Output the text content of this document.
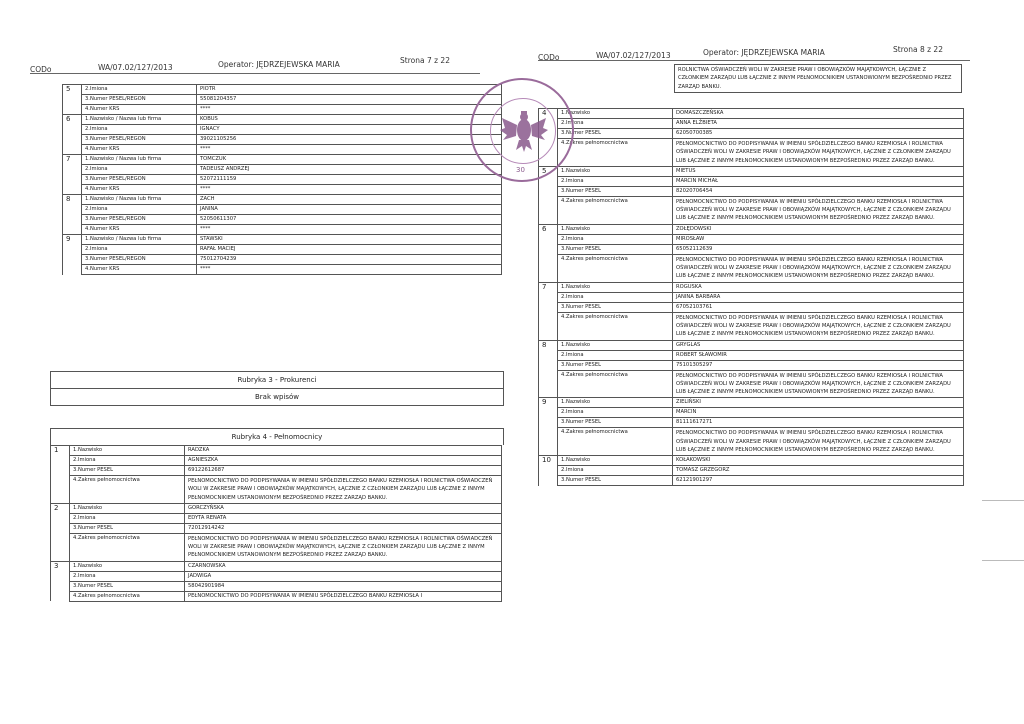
CODo	WA/07.02/127/2013	Operator: JĘDRZEJEWSKA MARIA	Strona 7 z 22
5	2.Imiona	PIOTR
	3.Numer PESEL/REGON	55081204357
	4.Numer KRS	****
6	1.Nazwisko / Nazwa lub firma	KOBUS
	2.Imiona	IGNACY
	3.Numer PESEL/REGON	39021105256
	4.Numer KRS	****
7	1.Nazwisko / Nazwa lub firma	TOMCZUK
	2.Imiona	TADEUSZ ANDRZEJ
	3.Numer PESEL/REGON	52072111159
	4.Numer KRS	****
8	1.Nazwisko / Nazwa lub firma	ZACH
	2.Imiona	JANINA
	3.Numer PESEL/REGON	52050611307
	4.Numer KRS	****
9	1.Nazwisko / Nazwa lub firma	STAWSKI
	2.Imiona	RAFAŁ MACIEJ
	3.Numer PESEL/REGON	75012704239
	4.Numer KRS	****
Rubryka 3 - Prokurenci
Brak wpisów
Rubryka 4 - Pełnomocnicy
1	1.Nazwisko	RADZKA
	2.Imiona	AGNIESZKA
	3.Numer PESEL	69122612687
	4.Zakres pełnomocnictwa	PEŁNOMOCNICTWO DO PODPISYWANIA W IMIENIU SPÓŁDZIELCZEGO BANKU RZEMIOSŁA I ROLNICTWA OŚWIADCZEŃ WOLI W ZAKRESIE PRAW I OBOWIĄZKÓW MAJĄTKOWYCH, ŁĄCZNIE Z CZŁONKIEM ZARZĄDU LUB ŁĄCZNIE Z INNYM PEŁNOMOCNIKIEM USTANOWIONYM BEZPOŚREDNIO PRZEZ ZARZĄD BANKU.
2	1.Nazwisko	GORCZYŃSKA
	2.Imiona	EDYTA RENATA
	3.Numer PESEL	72012914242
	4.Zakres pełnomocnictwa	PEŁNOMOCNICTWO DO PODPISYWANIA W IMIENIU SPÓŁDZIELCZEGO BANKU RZEMIOSŁA I ROLNICTWA OŚWIADCZEŃ WOLI W ZAKRESIE PRAW I OBOWIĄZKÓW MAJĄTKOWYCH, ŁĄCZNIE Z CZŁONKIEM ZARZĄDU LUB ŁĄCZNIE Z INNYM PEŁNOMOCNIKIEM USTANOWIONYM BEZPOŚREDNIO PRZEZ ZARZĄD BANKU.
3	1.Nazwisko	CZARNOWSKA
	2.Imiona	JADWIGA
	3.Numer PESEL	58042901984
	4.Zakres pełnomocnictwa	PEŁNOMOCNICTWO DO PODPISYWANIA W IMIENIU SPÓŁDZIELCZEGO BANKU RZEMIOSŁA I
CODo	WA/07.02/127/2013	Operator: JĘDRZEJEWSKA MARIA	Strona 8 z 22
ROLNICTWA OŚWIADCZEŃ WOLI W ZAKRESIE PRAW I OBOWIĄZKÓW MAJĄTKOWYCH, ŁĄCZNIE Z CZŁONKIEM ZARZĄDU LUB ŁĄCZNIE Z INNYM PEŁNOMOCNIKIEM USTANOWIONYM BEZPOŚREDNIO PRZEZ ZARZĄD BANKU.
4	1.Nazwisko	DOMASZCZEŃSKA
	2.Imiona	ANNA ELŻBIETA
	3.Numer PESEL	62050700385
	4.Zakres pełnomocnictwa	PEŁNOMOCNICTWO DO PODPISYWANIA W IMIENIU SPÓŁDZIELCZEGO BANKU RZEMIOSŁA I ROLNICTWA OŚWIADCZEŃ WOLI W ZAKRESIE PRAW I OBOWIĄZKÓW MAJĄTKOWYCH, ŁĄCZNIE Z CZŁONKIEM ZARZĄDU LUB ŁĄCZNIE Z INNYM PEŁNOMOCNIKIEM USTANOWIONYM BEZPOŚREDNIO PRZEZ ZARZĄD BANKU.
5	1.Nazwisko	MIETUS
	2.Imiona	MARCIN MICHAŁ
	3.Numer PESEL	82020706454
	4.Zakres pełnomocnictwa	PEŁNOMOCNICTWO DO PODPISYWANIA W IMIENIU SPÓŁDZIELCZEGO BANKU RZEMIOSŁA I ROLNICTWA OŚWIADCZEŃ WOLI W ZAKRESIE PRAW I OBOWIĄZKÓW MAJĄTKOWYCH, ŁĄCZNIE Z CZŁONKIEM ZARZĄDU LUB ŁĄCZNIE Z INNYM PEŁNOMOCNIKIEM USTANOWIONYM BEZPOŚREDNIO PRZEZ ZARZĄD BANKU.
6	1.Nazwisko	ZOŁĘDOWSKI
	2.Imiona	MIROSŁAW
	3.Numer PESEL	65052112639
	4.Zakres pełnomocnictwa	PEŁNOMOCNICTWO DO PODPISYWANIA W IMIENIU SPÓŁDZIELCZEGO BANKU RZEMIOSŁA I ROLNICTWA OŚWIADCZEŃ WOLI W ZAKRESIE PRAW I OBOWIĄZKÓW MAJĄTKOWYCH, ŁĄCZNIE Z CZŁONKIEM ZARZĄDU LUB ŁĄCZNIE Z INNYM PEŁNOMOCNIKIEM USTANOWIONYM BEZPOŚREDNIO PRZEZ ZARZĄD BANKU.
7	1.Nazwisko	ROGUSKA
	2.Imiona	JANINA BARBARA
	3.Numer PESEL	67052103761
	4.Zakres pełnomocnictwa	PEŁNOMOCNICTWO DO PODPISYWANIA W IMIENIU SPÓŁDZIELCZEGO BANKU RZEMIOSŁA I ROLNICTWA OŚWIADCZEŃ WOLI W ZAKRESIE PRAW I OBOWIĄZKÓW MAJĄTKOWYCH, ŁĄCZNIE Z CZŁONKIEM ZARZĄDU LUB ŁĄCZNIE Z INNYM PEŁNOMOCNIKIEM USTANOWIONYM BEZPOŚREDNIO PRZEZ ZARZĄD BANKU.
8	1.Nazwisko	GRYGLAS
	2.Imiona	ROBERT SŁAWOMIR
	3.Numer PESEL	75101305297
	4.Zakres pełnomocnictwa	PEŁNOMOCNICTWO DO PODPISYWANIA W IMIENIU SPÓŁDZIELCZEGO BANKU RZEMIOSŁA I ROLNICTWA OŚWIADCZEŃ WOLI W ZAKRESIE PRAW I OBOWIĄZKÓW MAJĄTKOWYCH, ŁĄCZNIE Z CZŁONKIEM ZARZĄDU LUB ŁĄCZNIE Z INNYM PEŁNOMOCNIKIEM USTANOWIONYM BEZPOŚREDNIO PRZEZ ZARZĄD BANKU.
9	1.Nazwisko	ZIELIŃSKI
	2.Imiona	MARCIN
	3.Numer PESEL	81111617271
	4.Zakres pełnomocnictwa	PEŁNOMOCNICTWO DO PODPISYWANIA W IMIENIU SPÓŁDZIELCZEGO BANKU RZEMIOSŁA I ROLNICTWA OŚWIADCZEŃ WOLI W ZAKRESIE PRAW I OBOWIĄZKÓW MAJĄTKOWYCH, ŁĄCZNIE Z CZŁONKIEM ZARZĄDU LUB ŁĄCZNIE Z INNYM PEŁNOMOCNIKIEM USTANOWIONYM BEZPOŚREDNIO PRZEZ ZARZĄD BANKU.
10	1.Nazwisko	KOŁAKOWSKI
	2.Imiona	TOMASZ GRZEGORZ
	3.Numer PESEL	62121901297
30
